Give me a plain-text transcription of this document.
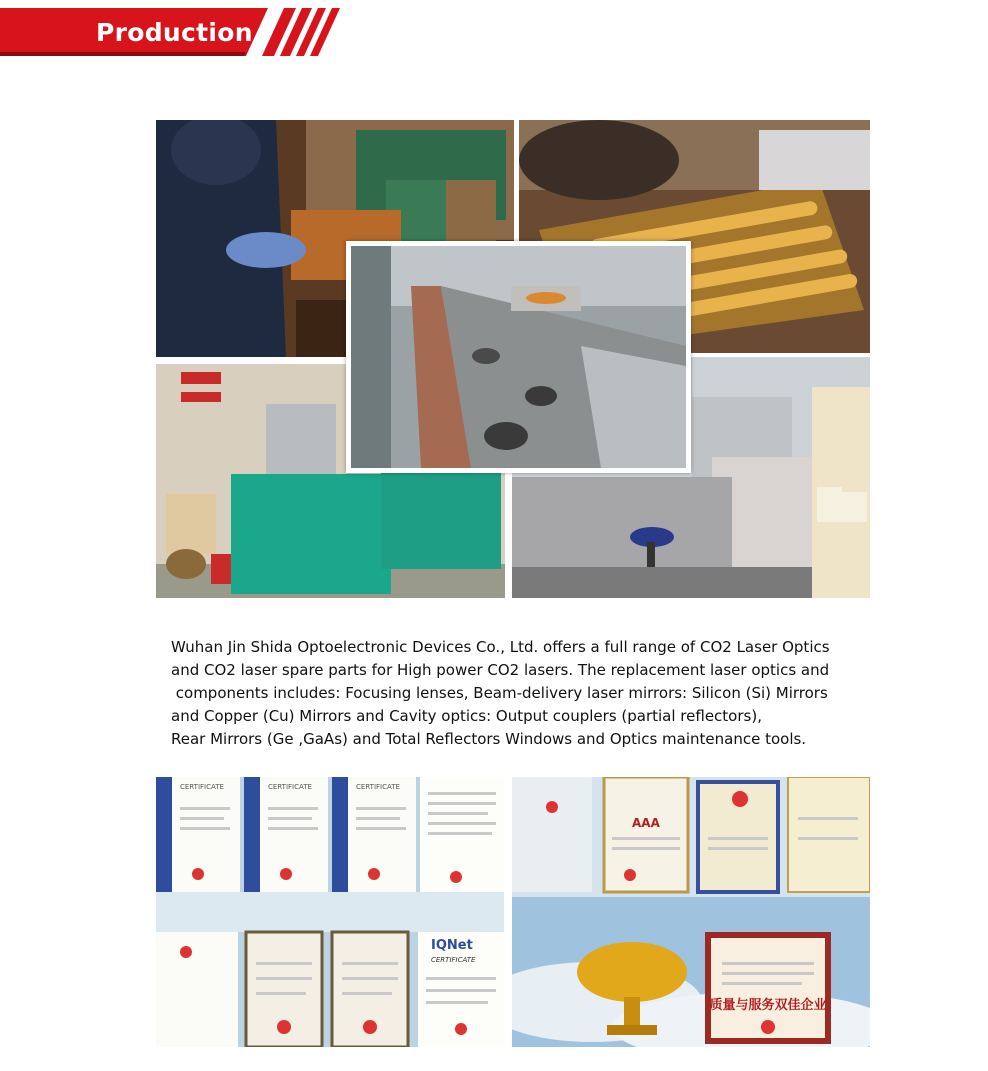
Production

Wuhan Jin Shida Optoelectronic Devices Co., Ltd. offers a full range of CO2 Laser Optics
and CO2 laser spare parts for High power CO2 lasers. The replacement laser optics and
components includes: Focusing lenses, Beam-delivery laser mirrors: Silicon (Si) Mirrors
and Copper (Cu) Mirrors and Cavity optics: Output couplers (partial reflectors),
Rear Mirrors (Ge ,GaAs) and Total Reflectors Windows and Optics maintenance tools.

CERTIFICATE	CERTIFICATE	CERTIFICATE
IQNet
CERTIFICATE
AAA
质量与服务双佳企业
